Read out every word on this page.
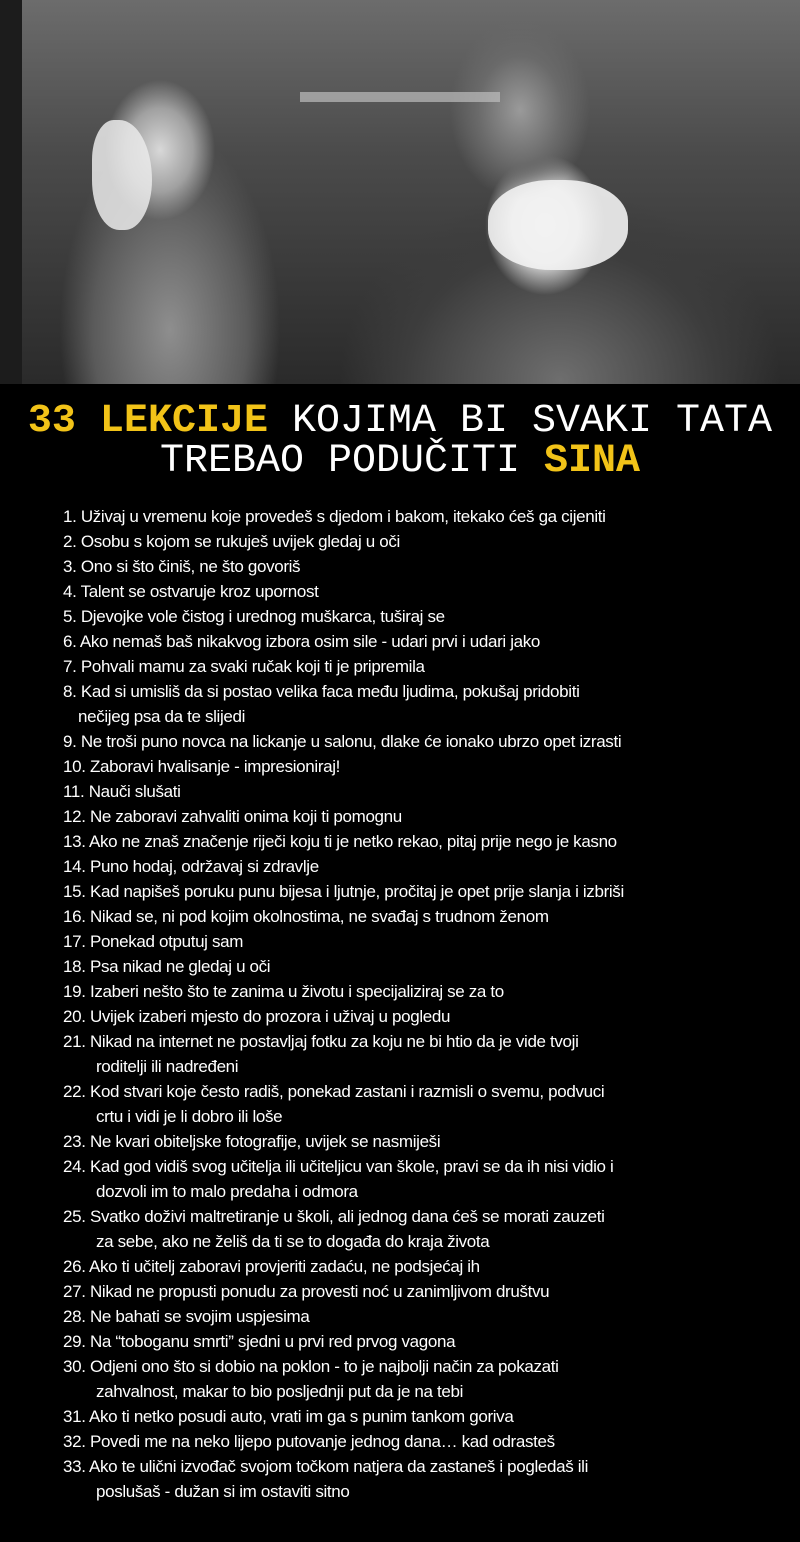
33 LEKCIJE KOJIMA BI SVAKI TATA
TREBAO PODUČITI SINA
1. Uživaj u vremenu koje provedeš s djedom i bakom, itekako ćeš ga cijeniti
2. Osobu s kojom se rukuješ uvijek gledaj u oči
3. Ono si što činiš, ne što govoriš
4. Talent se ostvaruje kroz upornost
5. Djevojke vole čistog i urednog muškarca, tuširaj se
6. Ako nemaš baš nikakvog izbora osim sile - udari prvi i udari jako
7. Pohvali mamu za svaki ručak koji ti je pripremila
8. Kad si umisliš da si postao velika faca među ljudima, pokušaj pridobiti
nečijeg psa da te slijedi
9. Ne troši puno novca na lickanje u salonu, dlake će ionako ubrzo opet izrasti
10. Zaboravi hvalisanje - impresioniraj!
11. Nauči slušati
12. Ne zaboravi zahvaliti onima koji ti pomognu
13. Ako ne znaš značenje riječi koju ti je netko rekao, pitaj prije nego je kasno
14. Puno hodaj, održavaj si zdravlje
15. Kad napišeš poruku punu bijesa i ljutnje, pročitaj je opet prije slanja i izbriši
16. Nikad se, ni pod kojim okolnostima, ne svađaj s trudnom ženom
17. Ponekad otputuj sam
18. Psa nikad ne gledaj u oči
19. Izaberi nešto što te zanima u životu i specijaliziraj se za to
20. Uvijek izaberi mjesto do prozora i uživaj u pogledu
21. Nikad na internet ne postavljaj fotku za koju ne bi htio da je vide tvoji
roditelji ili nadređeni
22. Kod stvari koje često radiš, ponekad zastani i razmisli o svemu, podvuci
crtu i vidi je li dobro ili loše
23. Ne kvari obiteljske fotografije, uvijek se nasmiješi
24. Kad god vidiš svog učitelja ili učiteljicu van škole, pravi se da ih nisi vidio i
dozvoli im to malo predaha i odmora
25. Svatko doživi maltretiranje u školi, ali jednog dana ćeš se morati zauzeti
za sebe, ako ne želiš da ti se to događa do kraja života
26. Ako ti učitelj zaboravi provjeriti zadaću, ne podsjećaj ih
27. Nikad ne propusti ponudu za provesti noć u zanimljivom društvu
28. Ne bahati se svojim uspjesima
29. Na “toboganu smrti” sjedni u prvi red prvog vagona
30. Odjeni ono što si dobio na poklon - to je najbolji način za pokazati
zahvalnost, makar to bio posljednji put da je na tebi
31. Ako ti netko posudi auto, vrati im ga s punim tankom goriva
32. Povedi me na neko lijepo putovanje jednog dana… kad odrasteš
33. Ako te ulični izvođač svojom točkom natjera da zastaneš i pogledaš ili
poslušaš - dužan si im ostaviti sitno
